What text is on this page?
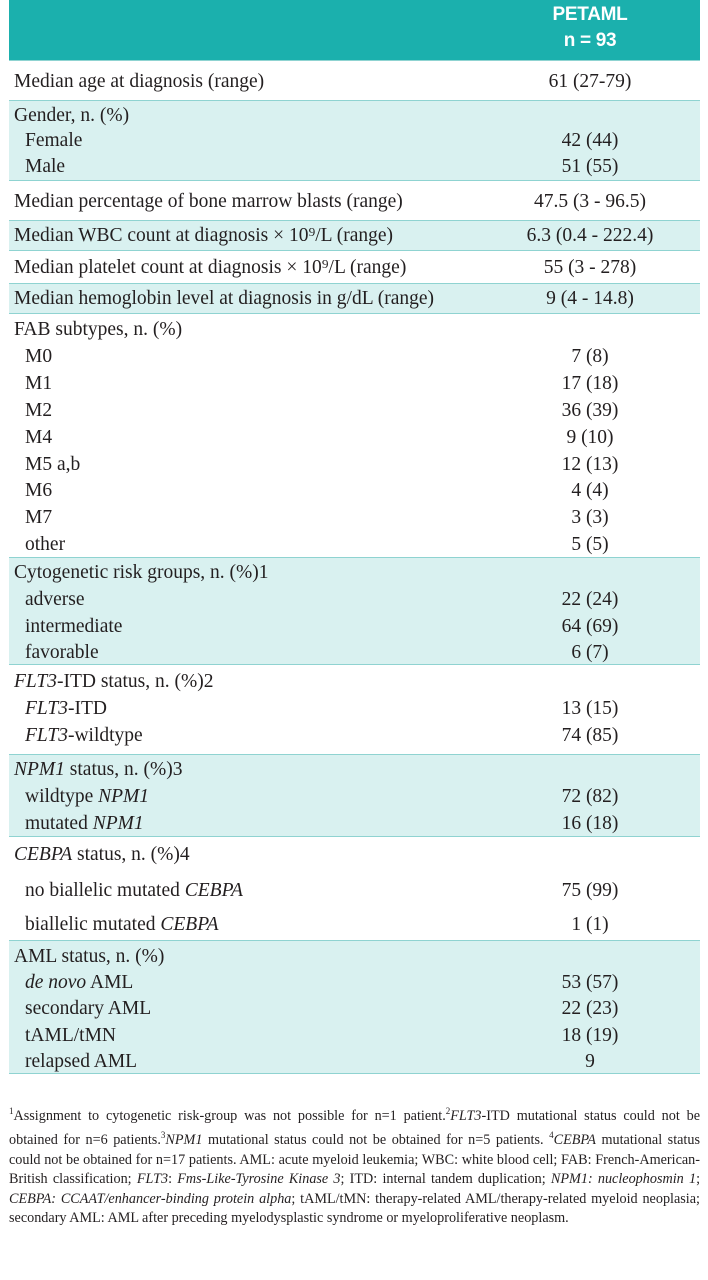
PETAML
n = 93
Median age at diagnosis (range)	61 (27-79)
Gender, n. (%)
Female	42 (44)
Male	51 (55)
Median percentage of bone marrow blasts (range)	47.5 (3 - 96.5)
Median WBC count at diagnosis × 10⁹/L (range)	6.3 (0.4 - 222.4)
Median platelet count at diagnosis × 10⁹/L (range)	55 (3 - 278)
Median hemoglobin level at diagnosis in g/dL (range)	9 (4 - 14.8)
FAB subtypes, n. (%)
M0	7 (8)
M1	17 (18)
M2	36 (39)
M4	9 (10)
M5 a,b	12 (13)
M6	4 (4)
M7	3 (3)
other	5 (5)
Cytogenetic risk groups, n. (%)1
adverse	22 (24)
intermediate	64 (69)
favorable	6 (7)
FLT3-ITD status, n. (%)2
FLT3-ITD	13 (15)
FLT3-wildtype	74 (85)
NPM1 status, n. (%)3
wildtype NPM1	72 (82)
mutated NPM1	16 (18)
CEBPA status, n. (%)4
no biallelic mutated CEBPA	75 (99)
biallelic mutated CEBPA	1 (1)
AML status, n. (%)
de novo AML	53 (57)
secondary AML	22 (23)
tAML/tMN	18 (19)
relapsed AML	9

$^1$Assignment to cytogenetic risk-group was not possible for n=1 patient.$^2$FLT3-ITD mutational status could not be obtained for n=6 patients.$^3$NPM1 mutational status could not be obtained for n=5 patients. $^4$CEBPA mutational status could not be obtained for n=17 patients. AML: acute myeloid leukemia; WBC: white blood cell; FAB: French-American-British classification; FLT3: Fms-Like-Tyrosine Kinase 3; ITD: internal tandem duplication; NPM1: nucleophosmin 1; CEBPA: CCAAT/enhancer-binding protein alpha; tAML/tMN: therapy-related AML/therapy-related myeloid neoplasia; secondary AML: AML after preceding myelodysplastic syndrome or myeloproliferative neoplasm.
